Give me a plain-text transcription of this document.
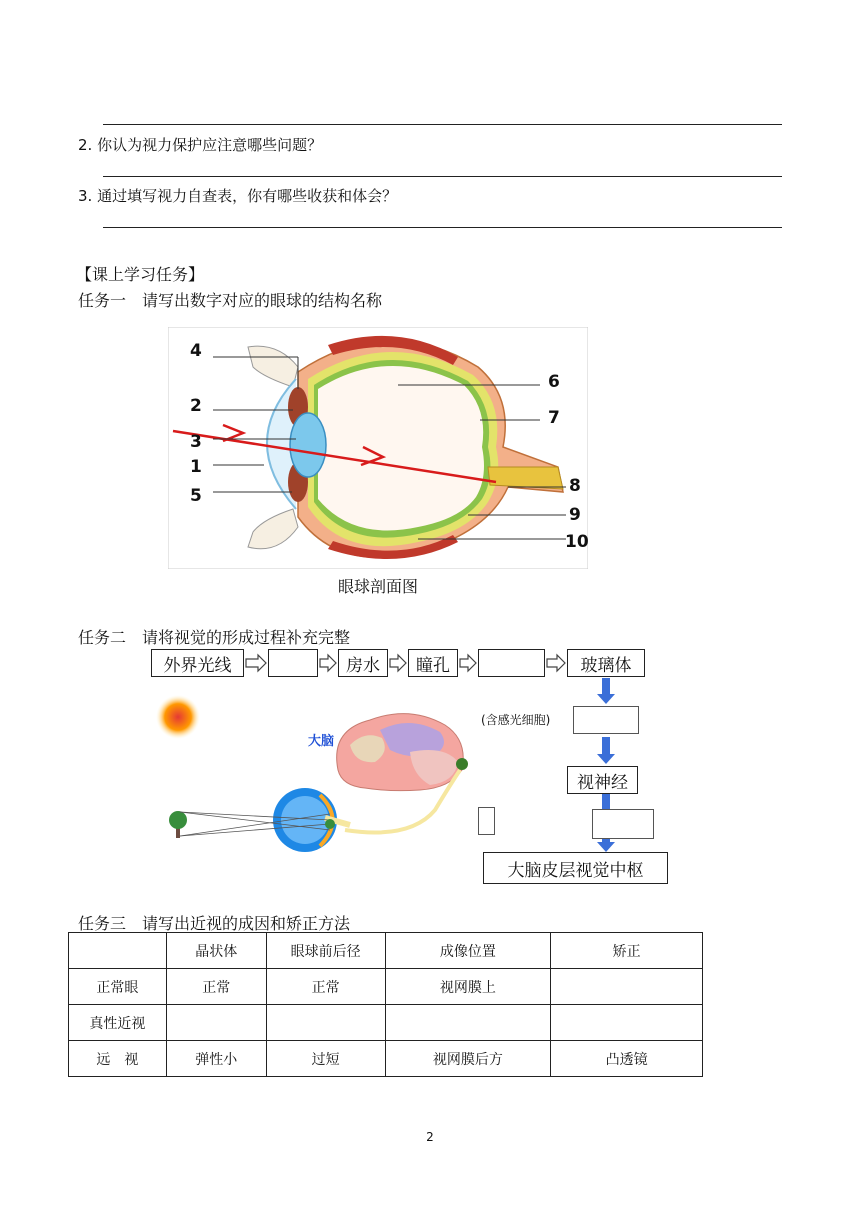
2. 你认为视力保护应注意哪些问题？
3. 通过填写视力自查表，你有哪些收获和体会？
【课上学习任务】
任务一　请写出数字对应的眼球的结构名称
4
2
3
1
5
6
7
8
9
10
眼球剖面图
任务二　请将视觉的形成过程补充完整
外界光线	房水	瞳孔	玻璃体
(含感光细胞)
视神经
大脑皮层视觉中枢
大脑
任务三　请写出近视的成因和矫正方法
	晶状体	眼球前后径	成像位置	矫正
正常眼	正常	正常	视网膜上	
真性近视				
远　视	弹性小	过短	视网膜后方	凸透镜
2
